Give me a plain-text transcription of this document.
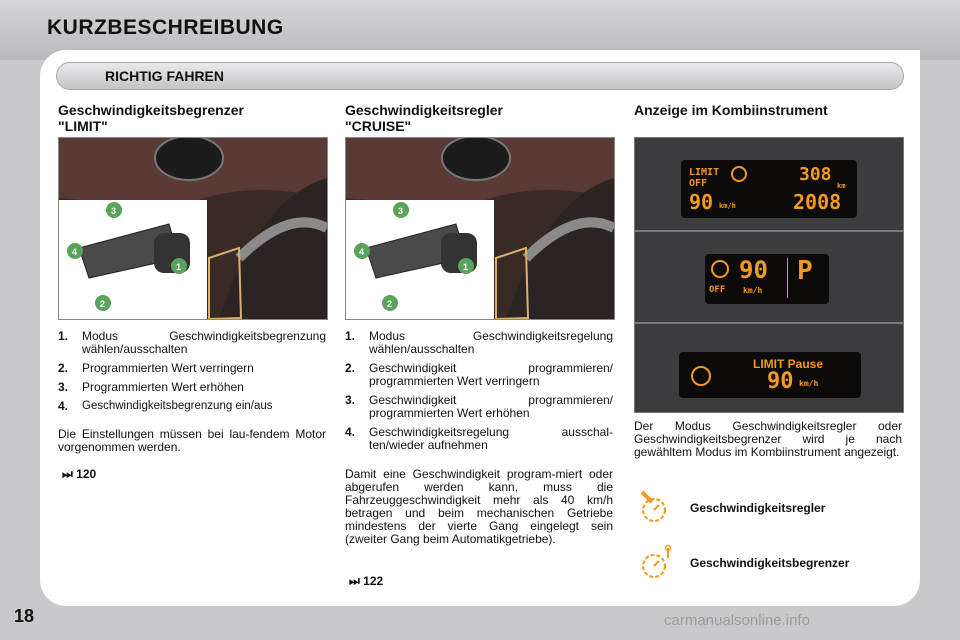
KURZBESCHREIBUNG
RICHTIG FAHREN
Geschwindigkeitsbegrenzer
"LIMIT"
3
4
1
2
1.	Modus Geschwindigkeitsbegrenzung wählen/ausschalten
2.	Programmierten Wert verringern
3.	Programmierten Wert erhöhen
4.	Geschwindigkeitsbegrenzung ein/aus
Die Einstellungen müssen bei lau-fendem Motor vorgenommen werden.
⏭ 120
Geschwindigkeitsregler
"CRUISE"
3
4
1
2
1.	Modus Geschwindigkeitsregelung wählen/ausschalten
2.	Geschwindigkeit programmieren/ programmierten Wert verringern
3.	Geschwindigkeit programmieren/ programmierten Wert erhöhen
4.	Geschwindigkeitsregelung ausschal-ten/wieder aufnehmen
Damit eine Geschwindigkeit program-miert oder abgerufen werden kann, muss die Fahrzeuggeschwindigkeit mehr als 40 km/h betragen und beim mechanischen Getriebe mindestens der vierte Gang eingelegt sein (zweiter Gang beim Automatikgetriebe).
⏭ 122
Anzeige im Kombiinstrument
LIMIT
OFF
90 km/h
308
km
2008
OFF
90
km/h
P
LIMIT Pause
90 km/h
Der Modus Geschwindigkeitsregler oder Geschwindigkeitsbegrenzer wird je nach gewähltem Modus im Kombiinstrument angezeigt.
Geschwindigkeitsregler
Geschwindigkeitsbegrenzer
18	carmanualsonline.info
